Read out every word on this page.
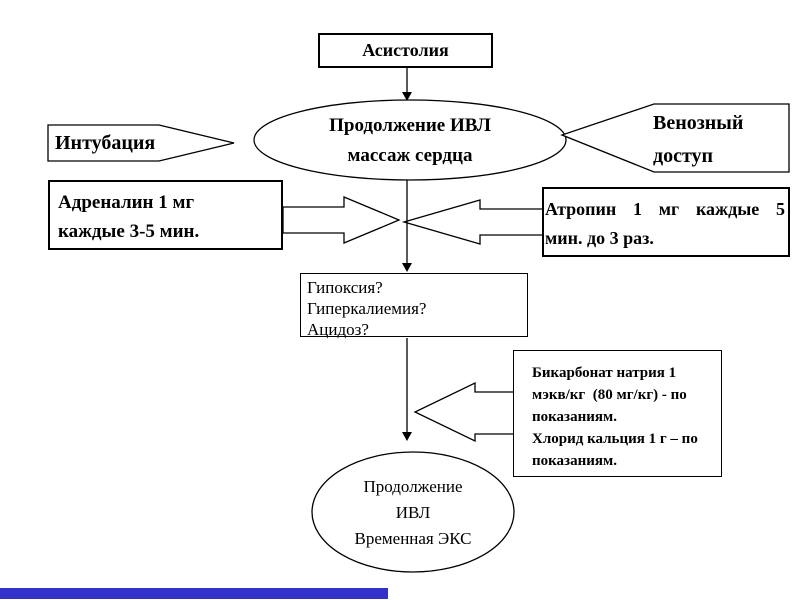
Асистолия
Продолжение ИВЛ
массаж сердца
Интубация
Венозный
доступ
Адреналин 1 мг
каждые 3-5 мин.
Атропин 1 мг каждые 5
мин. до 3 раз.
Гипоксия?
Гиперкалиемия?
Ацидоз?

Бикарбонат натрия 1 мэкв/кг  (80 мг/кг) - по показаниям.

Хлорид кальция 1 г – по показаниям.

Продолжение
ИВЛ
Временная ЭКС
